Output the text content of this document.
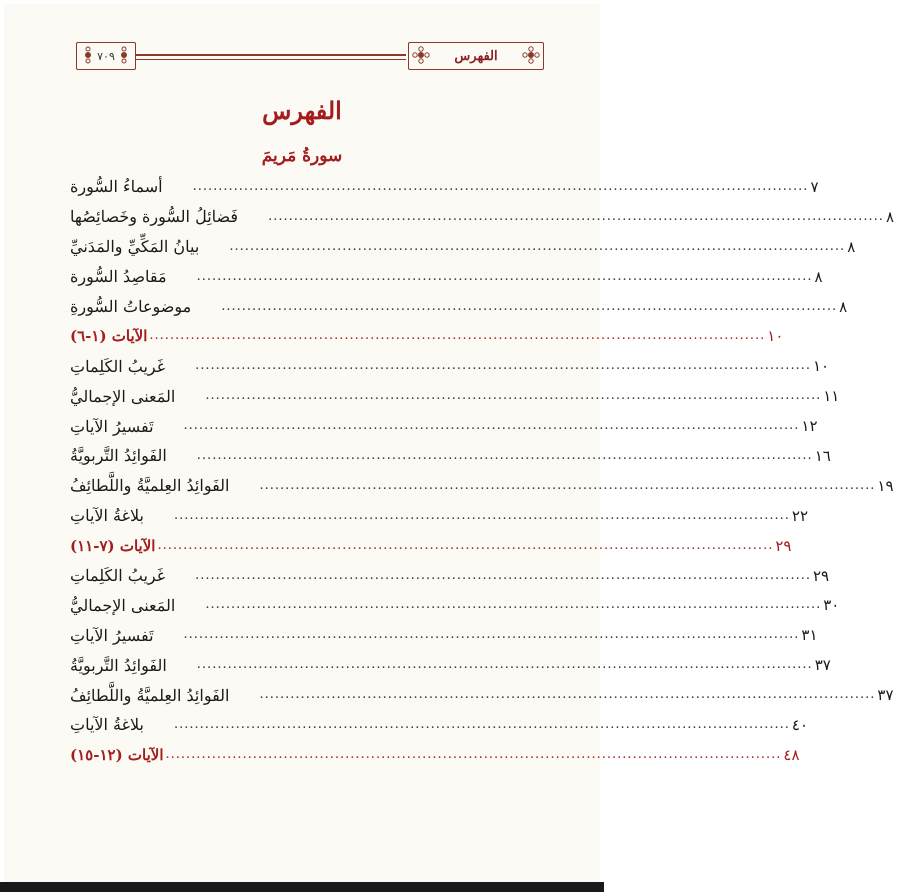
الفهرس
٧٠٩
الفهرس
سورةُ مَريمَ
أسماءُ السُّورة	........................................................................................................................ ٧
فَضائِلُ السُّورة وخَصائِصُها	........................................................................................................................ ٨
بيانُ المَكِّيِّ والمَدَنيِّ	........................................................................................................................ ٨
مَقاصِدُ السُّورة	........................................................................................................................ ٨
موضوعاتُ السُّورةِ	........................................................................................................................ ٨
الآيات (١-٦) ........................................................................................................................ ١٠
غَريبُ الكَلِماتِ	........................................................................................................................ ١٠
المَعنى الإجماليُّ	........................................................................................................................ ١١
تَفسيرُ الآياتِ	........................................................................................................................ ١٢
الفَوائِدُ التَّربويَّةُ	........................................................................................................................ ١٦
الفَوائِدُ العِلميَّةُ واللَّطائِفُ	........................................................................................................................ ١٩
بلاغةُ الآياتِ	........................................................................................................................ ٢٢
الآيات (٧-١١) ........................................................................................................................ ٢٩
غَريبُ الكَلِماتِ	........................................................................................................................ ٢٩
المَعنى الإجماليُّ	........................................................................................................................ ٣٠
تَفسيرُ الآياتِ	........................................................................................................................ ٣١
الفَوائِدُ التَّربويَّةُ	........................................................................................................................ ٣٧
الفَوائِدُ العِلميَّةُ واللَّطائِفُ	........................................................................................................................ ٣٧
بلاغةُ الآياتِ	........................................................................................................................ ٤٠
الآيات (١٢-١٥) ........................................................................................................................ ٤٨
